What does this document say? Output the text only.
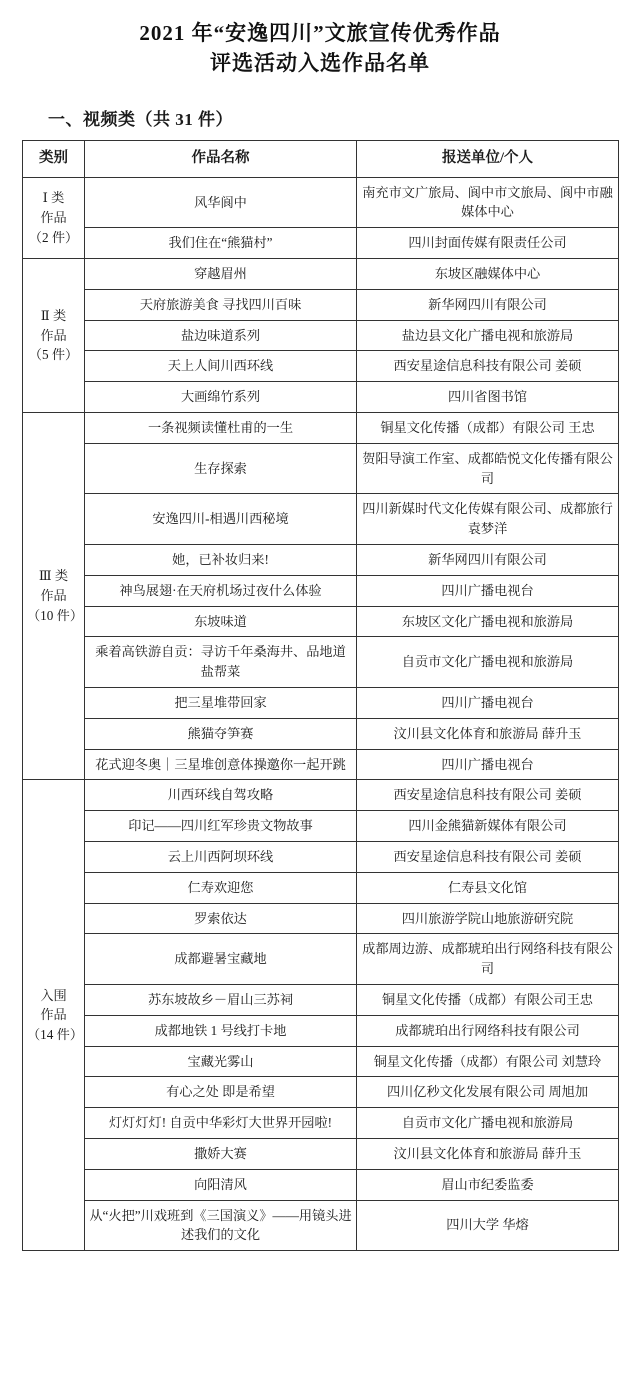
2021 年“安逸四川”文旅宣传优秀作品
评选活动入选作品名单
一、视频类（共 31 件）
类别	作品名称	报送单位/个人

Ⅰ 类
作品
（2 件）	风华阆中	南充市文广旅局、阆中市文旅局、阆中市融媒体中心
	我们住在“熊猫村”	四川封面传媒有限责任公司

Ⅱ 类
作品
（5 件）	穿越眉州	东坡区融媒体中心
	天府旅游美食 寻找四川百味	新华网四川有限公司
	盐边味道系列	盐边县文化广播电视和旅游局
	天上人间川西环线	西安星途信息科技有限公司 姜硕
	大画绵竹系列	四川省图书馆

Ⅲ 类
作品
（10 件）	一条视频读懂杜甫的一生	铜星文化传播（成都）有限公司 王忠
	生存探索	贺阳导演工作室、成都皓悦文化传播有限公司
	安逸四川-相遇川西秘境	四川新媒时代文化传媒有限公司、成都旅行 袁梦洋
	她，已补妆归来!	新华网四川有限公司
	神鸟展翅·在天府机场过夜什么体验	四川广播电视台
	东坡味道	东坡区文化广播电视和旅游局
	乘着高铁游自贡：寻访千年桑海井、品地道盐帮菜	自贡市文化广播电视和旅游局
	把三星堆带回家	四川广播电视台
	熊猫夺笋赛	汶川县文化体育和旅游局 薛升玉
	花式迎冬奥｜三星堆创意体操邀你一起开跳	四川广播电视台

入围
作品
（14 件）	川西环线自驾攻略	西安星途信息科技有限公司 姜硕
	印记——四川红军珍贵文物故事	四川金熊猫新媒体有限公司
	云上川西阿坝环线	西安星途信息科技有限公司 姜硕
	仁寿欢迎您	仁寿县文化馆
	罗索依达	四川旅游学院山地旅游研究院
	成都避暑宝藏地	成都周边游、成都琥珀出行网络科技有限公司
	苏东坡故乡－眉山三苏祠	铜星文化传播（成都）有限公司王忠
	成都地铁 1 号线打卡地	成都琥珀出行网络科技有限公司
	宝藏光雾山	铜星文化传播（成都）有限公司 刘慧玲
	有心之处 即是希望	四川亿秒文化发展有限公司 周旭加
	灯灯灯灯! 自贡中华彩灯大世界开园啦!	自贡市文化广播电视和旅游局
	撒娇大赛	汶川县文化体育和旅游局 薛升玉
	向阳清风	眉山市纪委监委
	从“火把”川戏班到《三国演义》——用镜头进述我们的文化	四川大学 华熔
